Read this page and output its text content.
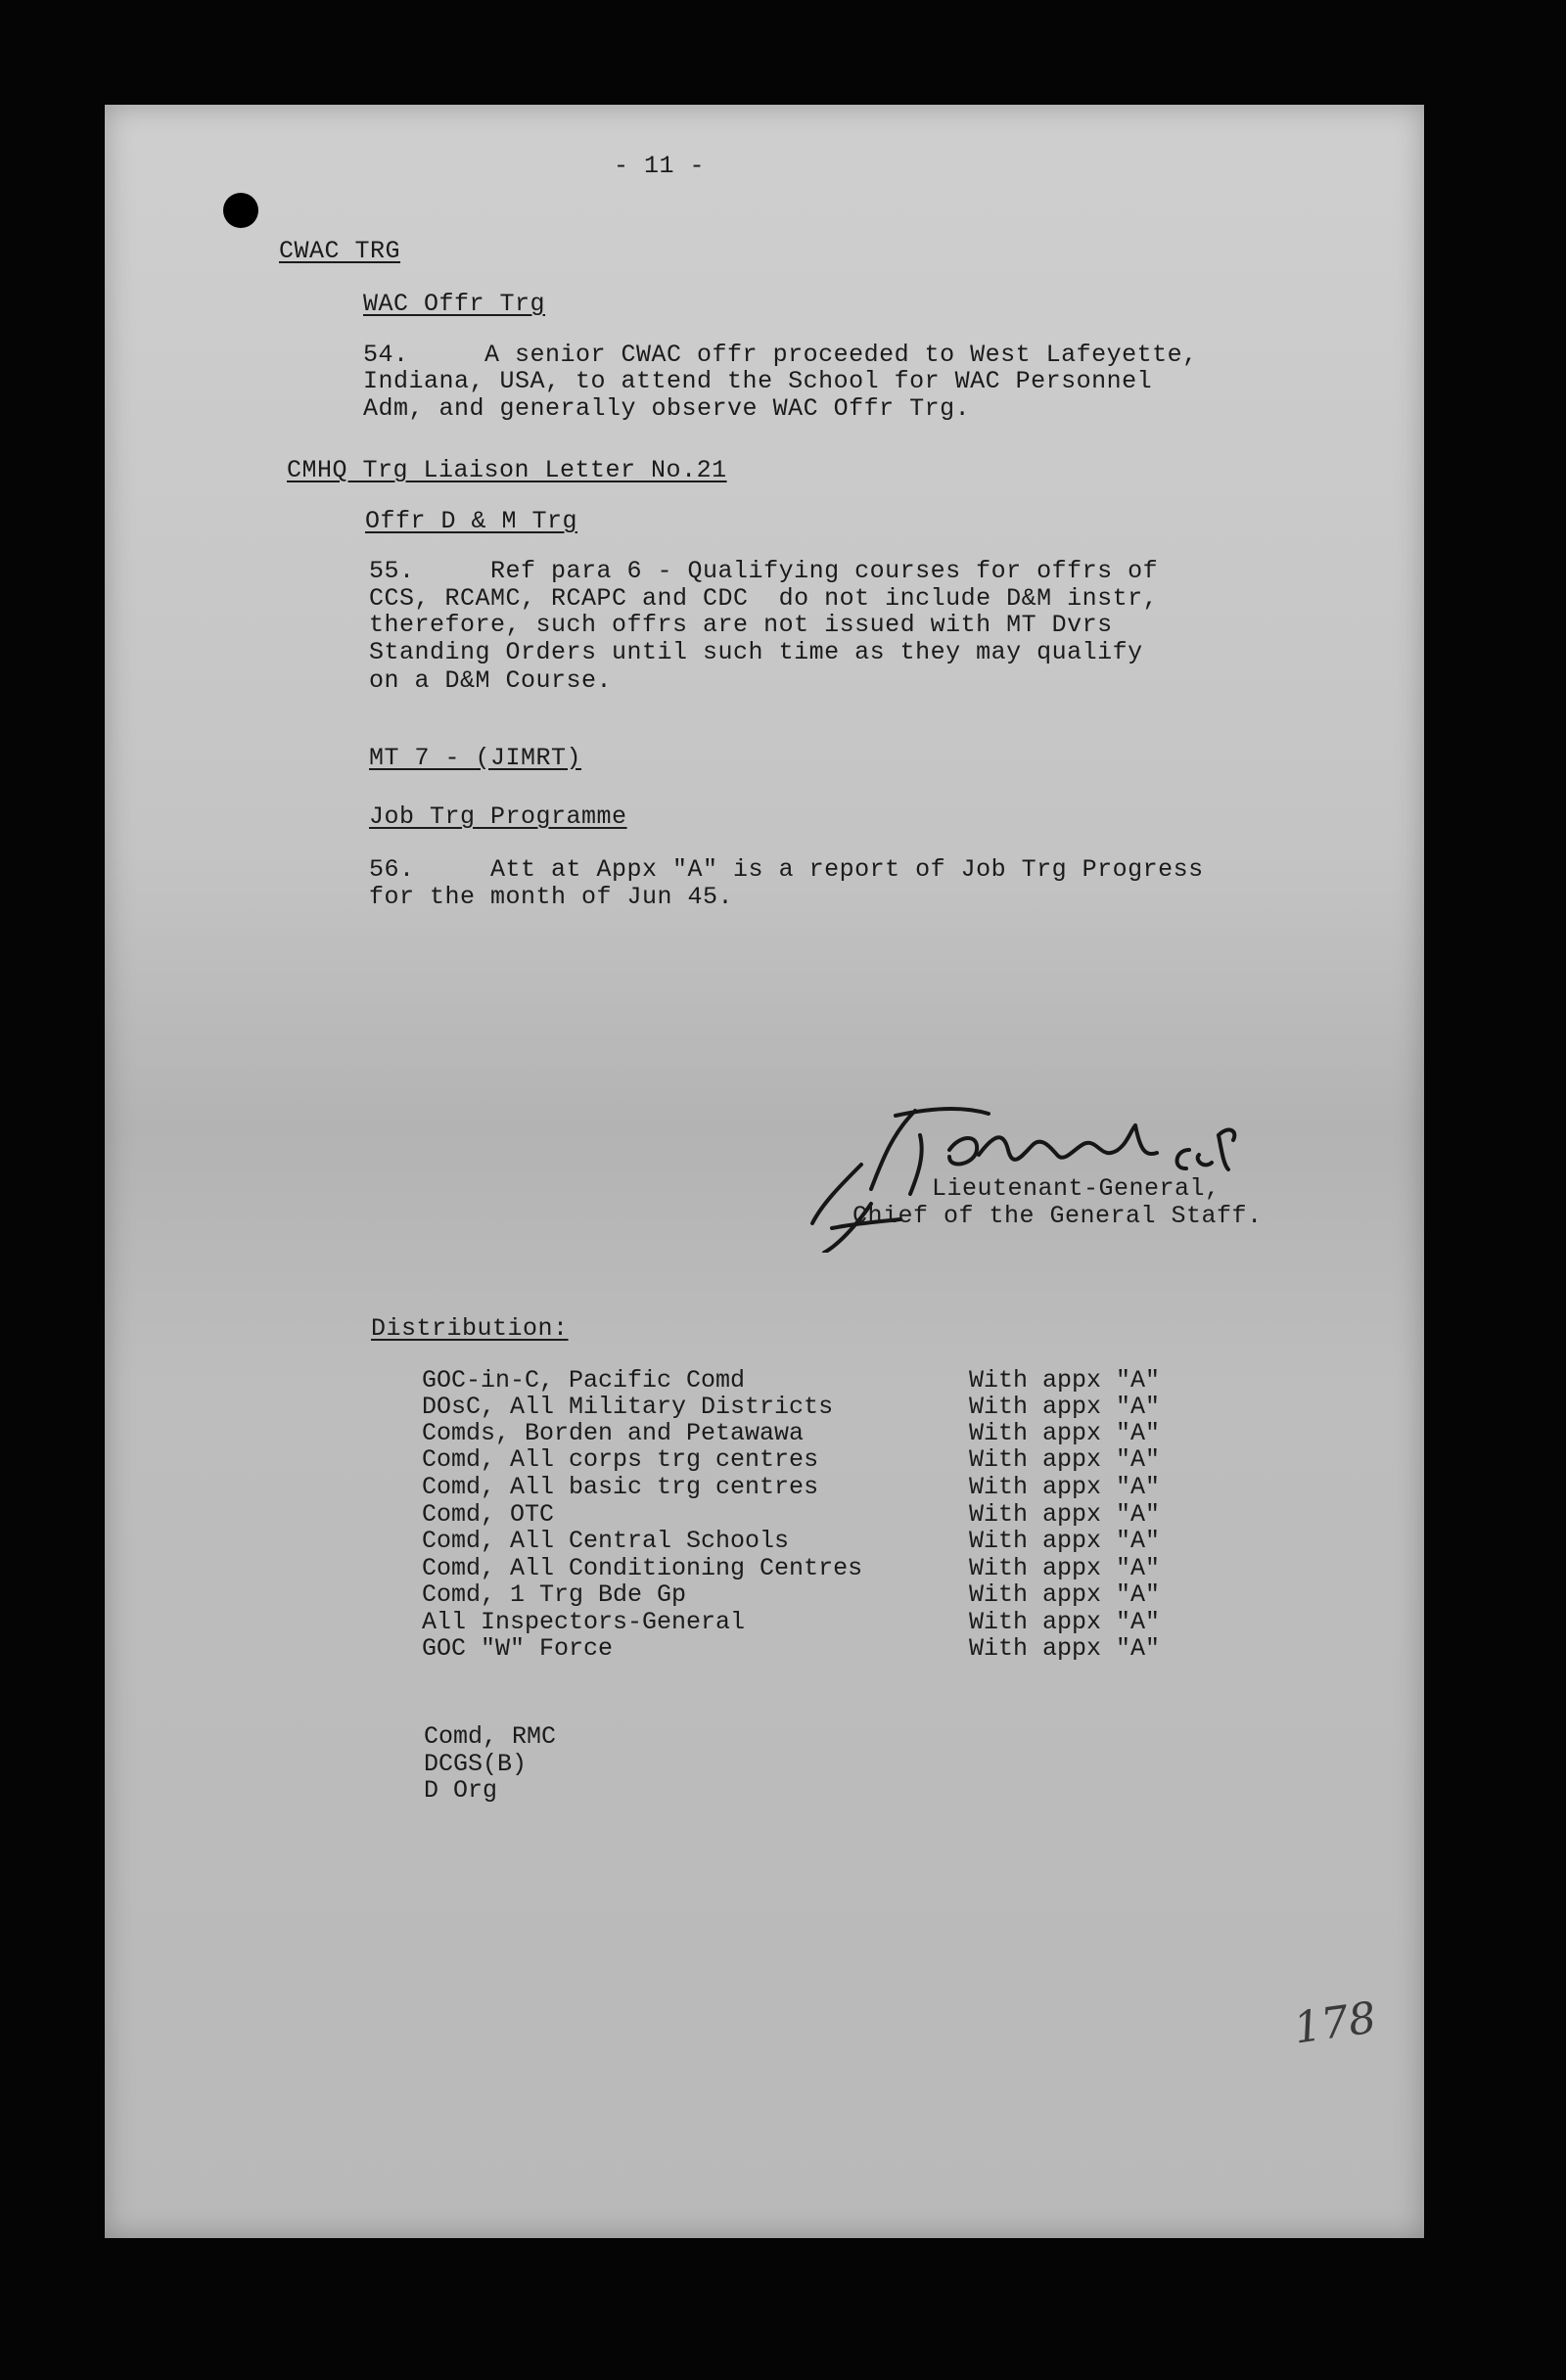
- 11 -
CWAC TRG
WAC Offr Trg
54.     A senior CWAC offr proceeded to West Lafeyette,
Indiana, USA, to attend the School for WAC Personnel
Adm, and generally observe WAC Offr Trg.
CMHQ Trg Liaison Letter No.21
Offr D & M Trg
55.     Ref para 6 - Qualifying courses for offrs of
CCS, RCAMC, RCAPC and CDC  do not include D&M instr,
therefore, such offrs are not issued with MT Dvrs
Standing Orders until such time as they may qualify
on a D&M Course.
MT 7 - (JIMRT)
Job Trg Programme
56.     Att at Appx "A" is a report of Job Trg Progress
for the month of Jun 45.
Lieutenant-General,
Chief of the General Staff.
Distribution:
GOC-in-C, Pacific Comd	With appx "A"
DOsC, All Military Districts	With appx "A"
Comds, Borden and Petawawa	With appx "A"
Comd, All corps trg centres	With appx "A"
Comd, All basic trg centres	With appx "A"
Comd, OTC	With appx "A"
Comd, All Central Schools	With appx "A"
Comd, All Conditioning Centres	With appx "A"
Comd, 1 Trg Bde Gp	With appx "A"
All Inspectors-General	With appx "A"
GOC "W" Force	With appx "A"
Comd, RMC
DCGS(B)
D Org
178
